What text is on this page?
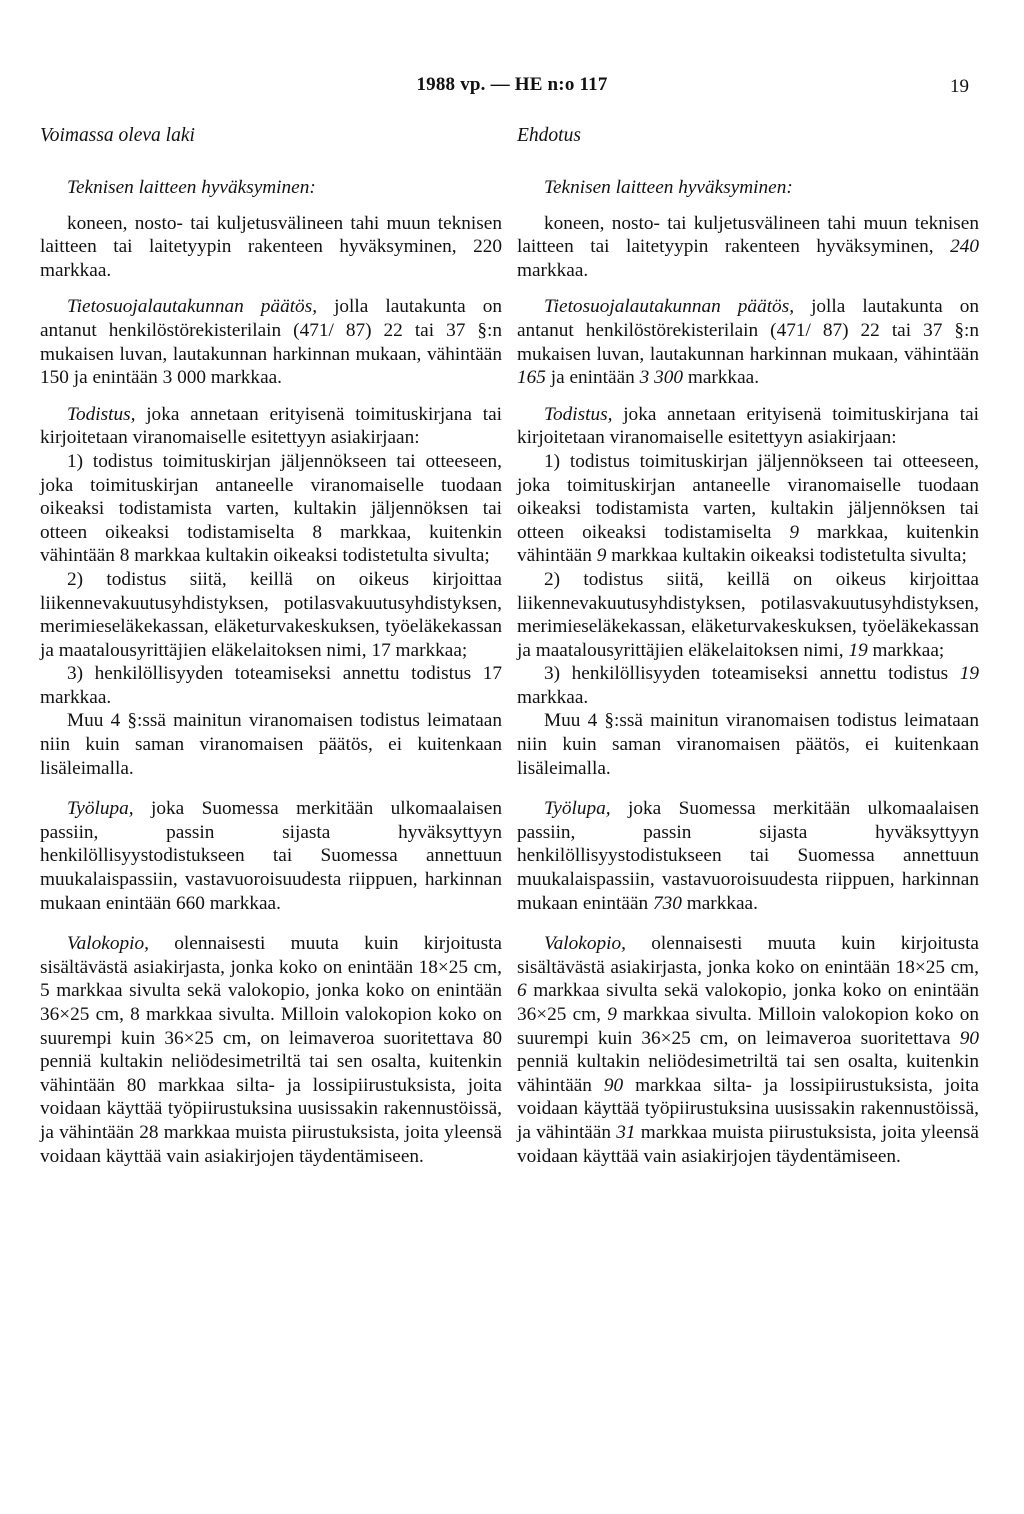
1988 vp. — HE n:o 117	19
Voimassa oleva laki
Teknisen laitteen hyväksyminen:

koneen, nosto- tai kuljetusvälineen tahi muun teknisen laitteen tai laitetyypin rakenteen hyväksyminen, 220 markkaa.

Tietosuojalautakunnan päätös, jolla lautakunta on antanut henkilöstörekisterilain (471/ 87) 22 tai 37 §:n mukaisen luvan, lautakunnan harkinnan mukaan, vähintään 150 ja enintään 3 000 markkaa.

Todistus, joka annetaan erityisenä toimituskirjana tai kirjoitetaan viranomaiselle esitettyyn asiakirjaan:

1) todistus toimituskirjan jäljennökseen tai otteeseen, joka toimituskirjan antaneelle viranomaiselle tuodaan oikeaksi todistamista varten, kultakin jäljennöksen tai otteen oikeaksi todistamiselta 8 markkaa, kuitenkin vähintään 8 markkaa kultakin oikeaksi todistetulta sivulta;

2) todistus siitä, keillä on oikeus kirjoittaa liikennevakuutusyhdistyksen, potilasvakuutusyhdistyksen, merimieseläkekassan, eläketurvakeskuksen, työeläkekassan ja maatalousyrittäjien eläkelaitoksen nimi, 17 markkaa;

3) henkilöllisyyden toteamiseksi annettu todistus 17 markkaa.

Muu 4 §:ssä mainitun viranomaisen todistus leimataan niin kuin saman viranomaisen päätös, ei kuitenkaan lisäleimalla.

Työlupa, joka Suomessa merkitään ulkomaalaisen passiin, passin sijasta hyväksyttyyn henkilöllisyystodistukseen tai Suomessa annettuun muukalaispassiin, vastavuoroisuudesta riippuen, harkinnan mukaan enintään 660 markkaa.

Valokopio, olennaisesti muuta kuin kirjoitusta sisältävästä asiakirjasta, jonka koko on enintään 18×25 cm, 5 markkaa sivulta sekä valokopio, jonka koko on enintään 36×25 cm, 8 markkaa sivulta. Milloin valokopion koko on suurempi kuin 36×25 cm, on leimaveroa suoritettava 80 penniä kultakin neliödesimetriltä tai sen osalta, kuitenkin vähintään 80 markkaa silta- ja lossipiirustuksista, joita voidaan käyttää työpiirustuksina uusissakin rakennustöissä, ja vähintään 28 markkaa muista piirustuksista, joita yleensä voidaan käyttää vain asiakirjojen täydentämiseen.

Ehdotus
Teknisen laitteen hyväksyminen:

koneen, nosto- tai kuljetusvälineen tahi muun teknisen laitteen tai laitetyypin rakenteen hyväksyminen, 240 markkaa.

Tietosuojalautakunnan päätös, jolla lautakunta on antanut henkilöstörekisterilain (471/ 87) 22 tai 37 §:n mukaisen luvan, lautakunnan harkinnan mukaan, vähintään 165 ja enintään 3 300 markkaa.

Todistus, joka annetaan erityisenä toimituskirjana tai kirjoitetaan viranomaiselle esitettyyn asiakirjaan:

1) todistus toimituskirjan jäljennökseen tai otteeseen, joka toimituskirjan antaneelle viranomaiselle tuodaan oikeaksi todistamista varten, kultakin jäljennöksen tai otteen oikeaksi todistamiselta 9 markkaa, kuitenkin vähintään 9 markkaa kultakin oikeaksi todistetulta sivulta;

2) todistus siitä, keillä on oikeus kirjoittaa liikennevakuutusyhdistyksen, potilasvakuutusyhdistyksen, merimieseläkekassan, eläketurvakeskuksen, työeläkekassan ja maatalousyrittäjien eläkelaitoksen nimi, 19 markkaa;

3) henkilöllisyyden toteamiseksi annettu todistus 19 markkaa.

Muu 4 §:ssä mainitun viranomaisen todistus leimataan niin kuin saman viranomaisen päätös, ei kuitenkaan lisäleimalla.

Työlupa, joka Suomessa merkitään ulkomaalaisen passiin, passin sijasta hyväksyttyyn henkilöllisyystodistukseen tai Suomessa annettuun muukalaispassiin, vastavuoroisuudesta riippuen, harkinnan mukaan enintään 730 markkaa.

Valokopio, olennaisesti muuta kuin kirjoitusta sisältävästä asiakirjasta, jonka koko on enintään 18×25 cm, 6 markkaa sivulta sekä valokopio, jonka koko on enintään 36×25 cm, 9 markkaa sivulta. Milloin valokopion koko on suurempi kuin 36×25 cm, on leimaveroa suoritettava 90 penniä kultakin neliödesimetriltä tai sen osalta, kuitenkin vähintään 90 markkaa silta- ja lossipiirustuksista, joita voidaan käyttää työpiirustuksina uusissakin rakennustöissä, ja vähintään 31 markkaa muista piirustuksista, joita yleensä voidaan käyttää vain asiakirjojen täydentämiseen.
